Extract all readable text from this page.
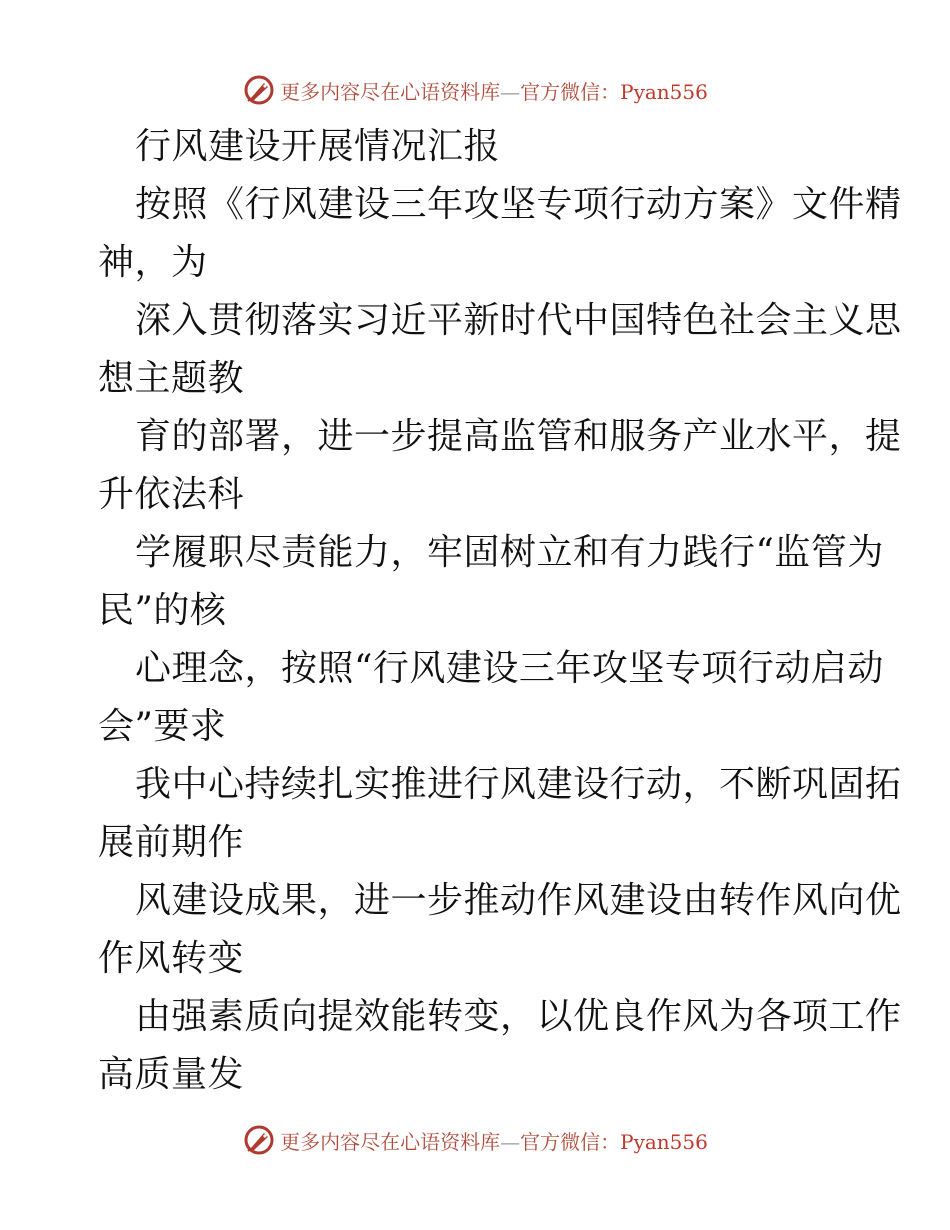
更多内容尽在心语资料库—官方微信：Pyan556
行风建设开展情况汇报
按照《行风建设三年攻坚专项行动方案》文件精
神，为
深入贯彻落实习近平新时代中国特色社会主义思
想主题教
育的部署，进一步提高监管和服务产业水平，提
升依法科
学履职尽责能力，牢固树立和有力践行“监管为
民”的核
心理念，按照“行风建设三年攻坚专项行动启动
会”要求
我中心持续扎实推进行风建设行动，不断巩固拓
展前期作
风建设成果，进一步推动作风建设由转作风向优
作风转变
由强素质向提效能转变，以优良作风为各项工作
高质量发
更多内容尽在心语资料库—官方微信：Pyan556
